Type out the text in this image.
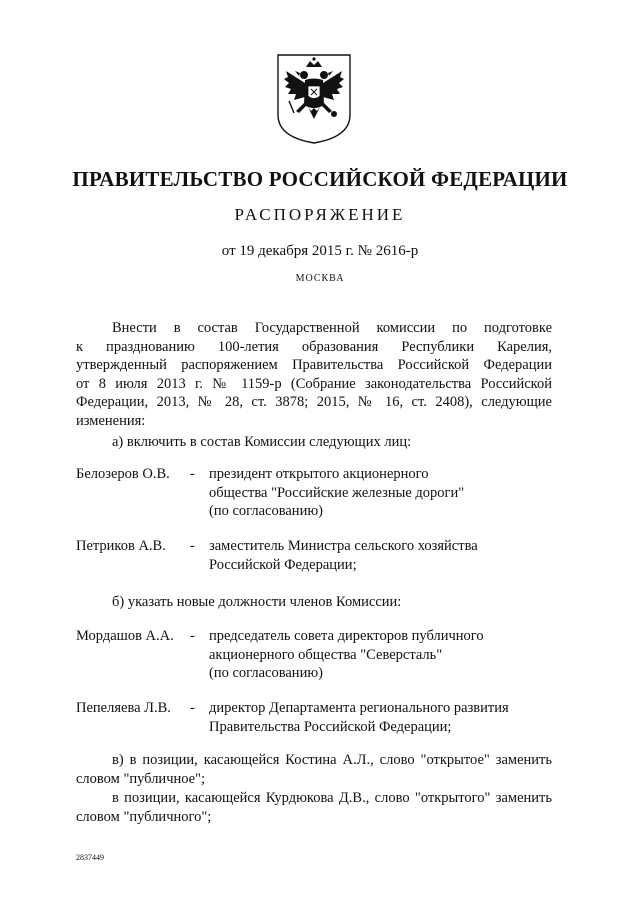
ПРАВИТЕЛЬСТВО РОССИЙСКОЙ ФЕДЕРАЦИИ
РАСПОРЯЖЕНИЕ
от 19 декабря 2015 г. № 2616-р
МОСКВА
Внести в состав Государственной комиссии по подготовке
к празднованию 100-летия образования Республики Карелия,
утвержденный распоряжением Правительства Российской Федерации
от 8 июля 2013 г. № 1159-р (Собрание законодательства Российской
Федерации, 2013, № 28, ст. 3878; 2015, № 16, ст. 2408), следующие
изменения:
а) включить в состав Комиссии следующих лиц:
Белозеров О.В. - президент открытого акционерного
общества "Российские железные дороги"
(по согласованию)
Петриков А.В. - заместитель Министра сельского хозяйства
Российской Федерации;
б) указать новые должности членов Комиссии:
Мордашов А.А. - председатель совета директоров публичного
акционерного общества "Северсталь"
(по согласованию)
Пепеляева Л.В. - директор Департамента регионального развития
Правительства Российской Федерации;
в) в позиции, касающейся Костина А.Л., слово "открытое" заменить
словом "публичное";
в позиции, касающейся Курдюкова Д.В., слово "открытого" заменить
словом "публичного";
2837449
